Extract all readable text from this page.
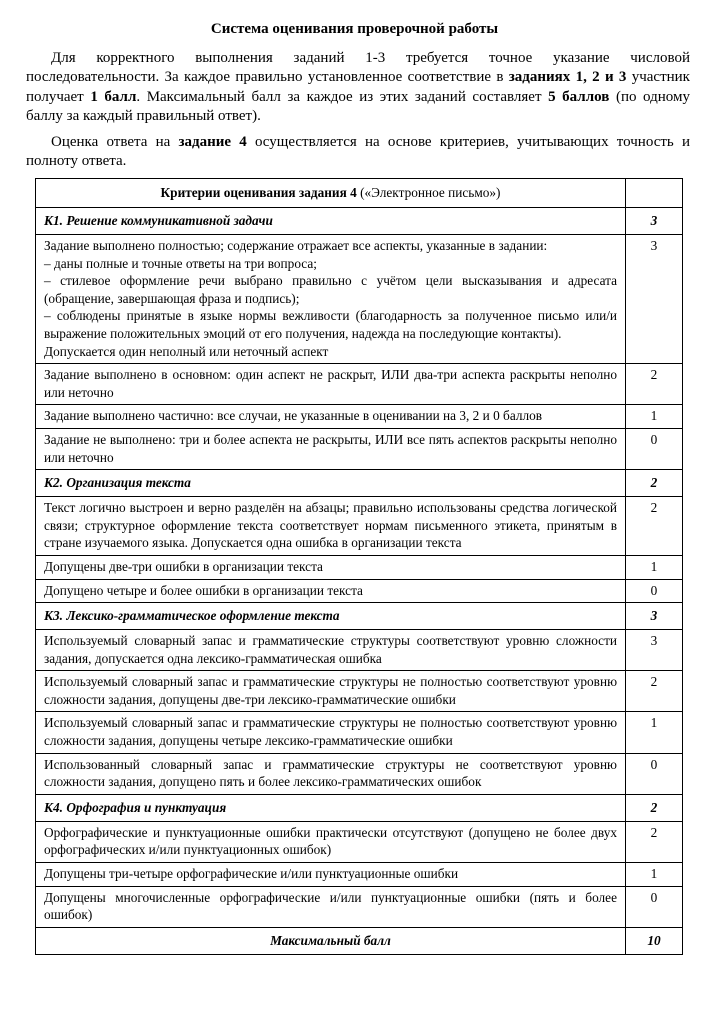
Система оценивания проверочной работы

Для корректного выполнения заданий 1-3 требуется точное указание числовой последовательности. За каждое правильно установленное соответствие в заданиях 1, 2 и 3 участник получает 1 балл. Максимальный балл за каждое из этих заданий составляет 5 баллов (по одному баллу за каждый правильный ответ).

Оценка ответа на задание 4 осуществляется на основе критериев, учитывающих точность и полноту ответа.

Критерии оценивания задания 4 («Электронное письмо»)	
К1. Решение коммуникативной задачи	3

Задание выполнено полностью; содержание отражает все аспекты, указанные в задании:
– даны полные и точные ответы на три вопроса;
– стилевое оформление речи выбрано правильно с учётом цели высказывания и адресата (обращение, завершающая фраза и подпись);
– соблюдены принятые в языке нормы вежливости (благодарность за полученное письмо или/и выражение положительных эмоций от его получения, надежда на последующие контакты).
Допускается один неполный или неточный аспект	3

Задание выполнено в основном: один аспект не раскрыт, ИЛИ два-три аспекта раскрыты неполно или неточно	2

Задание выполнено частично: все случаи, не указанные в оценивании на 3, 2 и 0 баллов	1

Задание не выполнено: три и более аспекта не раскрыты, ИЛИ все пять аспектов раскрыты неполно или неточно	0
К2. Организация текста	2

Текст логично выстроен и верно разделён на абзацы; правильно использованы средства логической связи; структурное оформление текста соответствует нормам письменного этикета, принятым в стране изучаемого языка. Допускается одна ошибка в организации текста	2

Допущены две-три ошибки в организации текста	1

Допущено четыре и более ошибки в организации текста	0
К3. Лексико-грамматическое оформление текста	3

Используемый словарный запас и грамматические структуры соответствуют уровню сложности задания, допускается одна лексико-грамматическая ошибка	3

Используемый словарный запас и грамматические структуры не полностью соответствуют уровню сложности задания, допущены две-три лексико-грамматические ошибки	2

Используемый словарный запас и грамматические структуры не полностью соответствуют уровню сложности задания, допущены четыре лексико-грамматические ошибки	1

Использованный словарный запас и грамматические структуры не соответствуют уровню сложности задания, допущено пять и более лексико-грамматических ошибок	0
К4. Орфография и пунктуация	2

Орфографические и пунктуационные ошибки практически отсутствуют (допущено не более двух орфографических и/или пунктуационных ошибок)	2

Допущены три-четыре орфографические и/или пунктуационные ошибки	1

Допущены многочисленные орфографические и/или пунктуационные ошибки (пять и более ошибок)	0
Максимальный балл	10
